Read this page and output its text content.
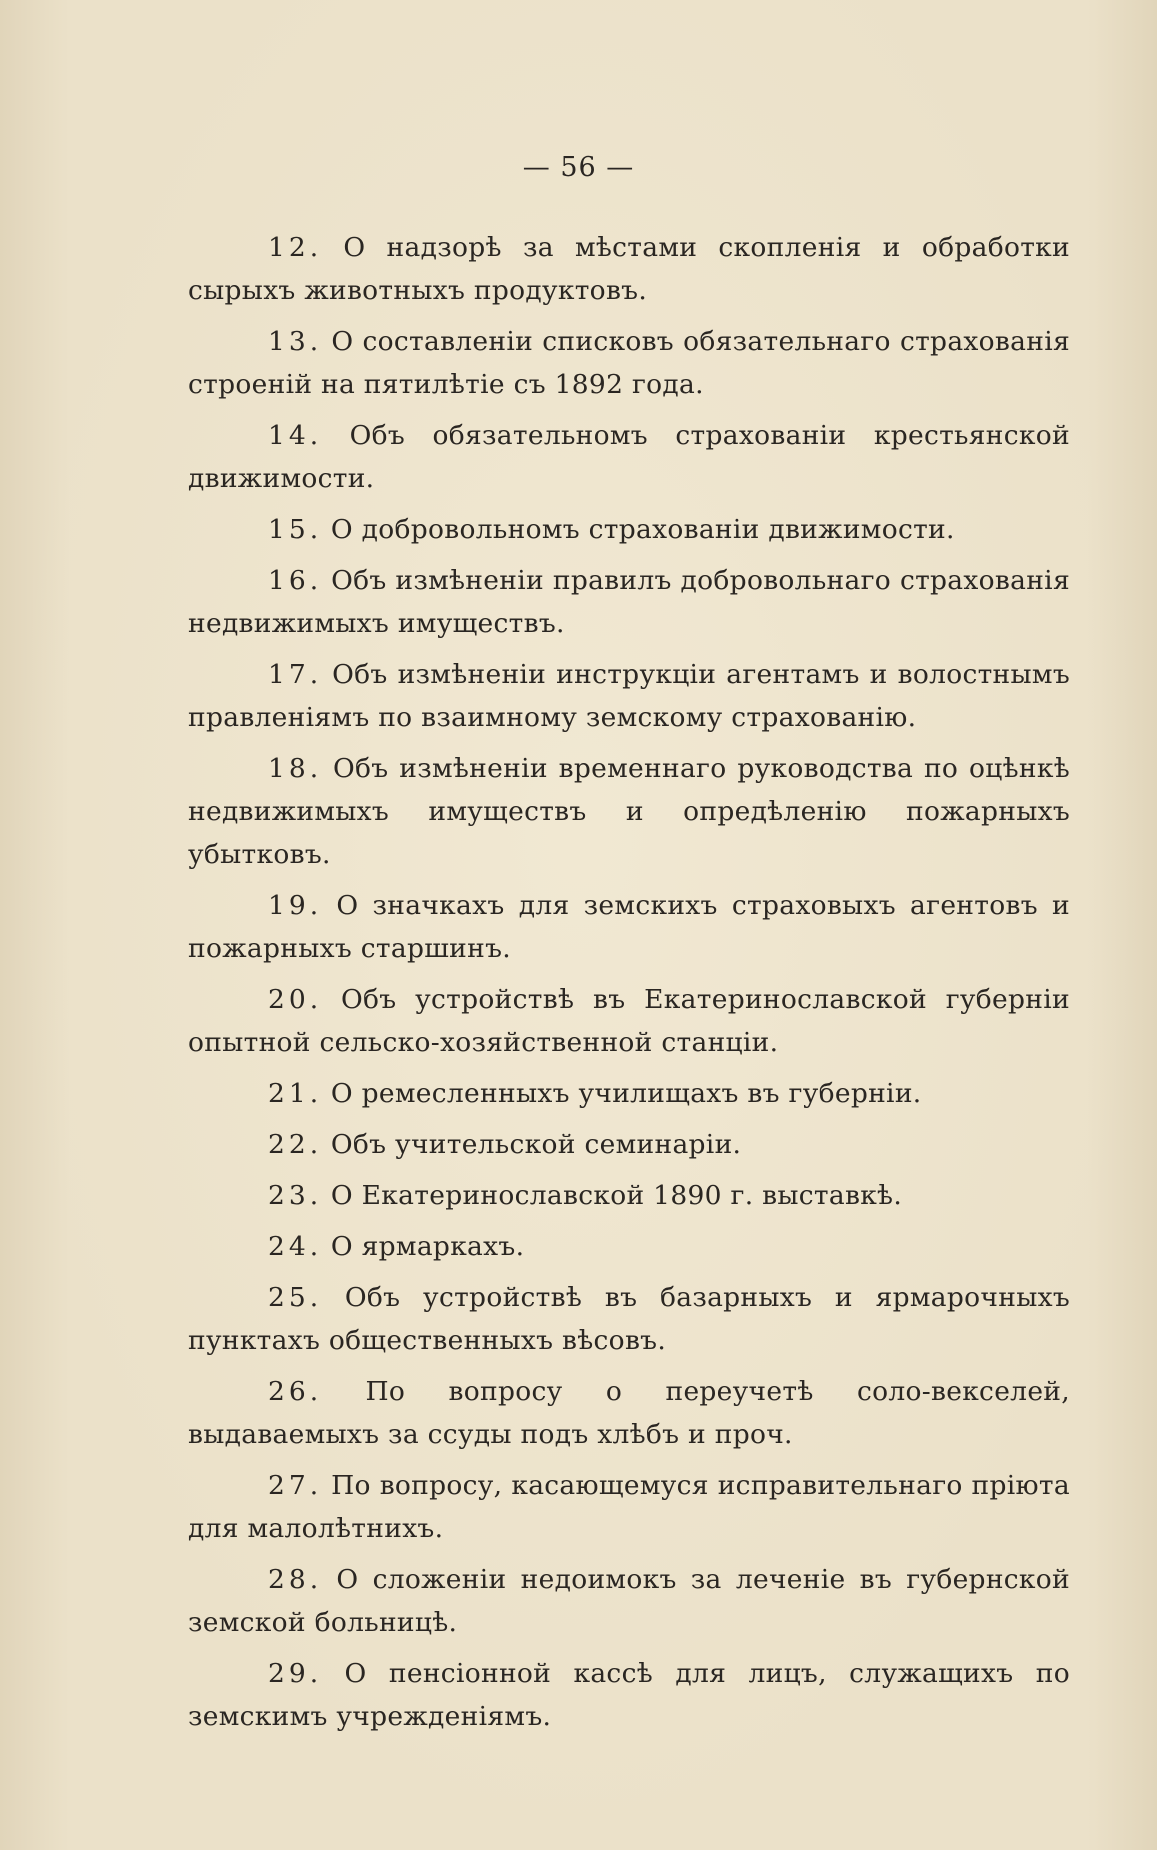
— 56 —
12. О надзорѣ за мѣстами скопленія и обработки сырыхъ животныхъ продуктовъ.
13. О составленіи списковъ обязательнаго страхованія строеній на пятилѣтіе съ 1892 года.
14. Объ обязательномъ страхованіи крестьянской движимости.
15. О добровольномъ страхованіи движимости.
16. Объ измѣненіи правилъ добровольнаго страхованія недвижимыхъ имуществъ.
17. Объ измѣненіи инструкціи агентамъ и волостнымъ правленіямъ по взаимному земскому страхованію.
18. Объ измѣненіи временнаго руководства по оцѣнкѣ недвижимыхъ имуществъ и опредѣленію пожарныхъ убытковъ.
19. О значкахъ для земскихъ страховыхъ агентовъ и пожарныхъ старшинъ.
20. Объ устройствѣ въ Екатеринославской губерніи опытной сельско-хозяйственной станціи.
21. О ремесленныхъ училищахъ въ губерніи.
22. Объ учительской семинаріи.
23. О Екатеринославской 1890 г. выставкѣ.
24. О ярмаркахъ.
25. Объ устройствѣ въ базарныхъ и ярмарочныхъ пунктахъ общественныхъ вѣсовъ.
26. По вопросу о переучетѣ соло-векселей, выдаваемыхъ за ссуды подъ хлѣбъ и проч.
27. По вопросу, касающемуся исправительнаго пріюта для малолѣтнихъ.
28. О сложеніи недоимокъ за леченіе въ губернской земской больницѣ.
29. О пенсіонной кассѣ для лицъ, служащихъ по земскимъ учрежденіямъ.
